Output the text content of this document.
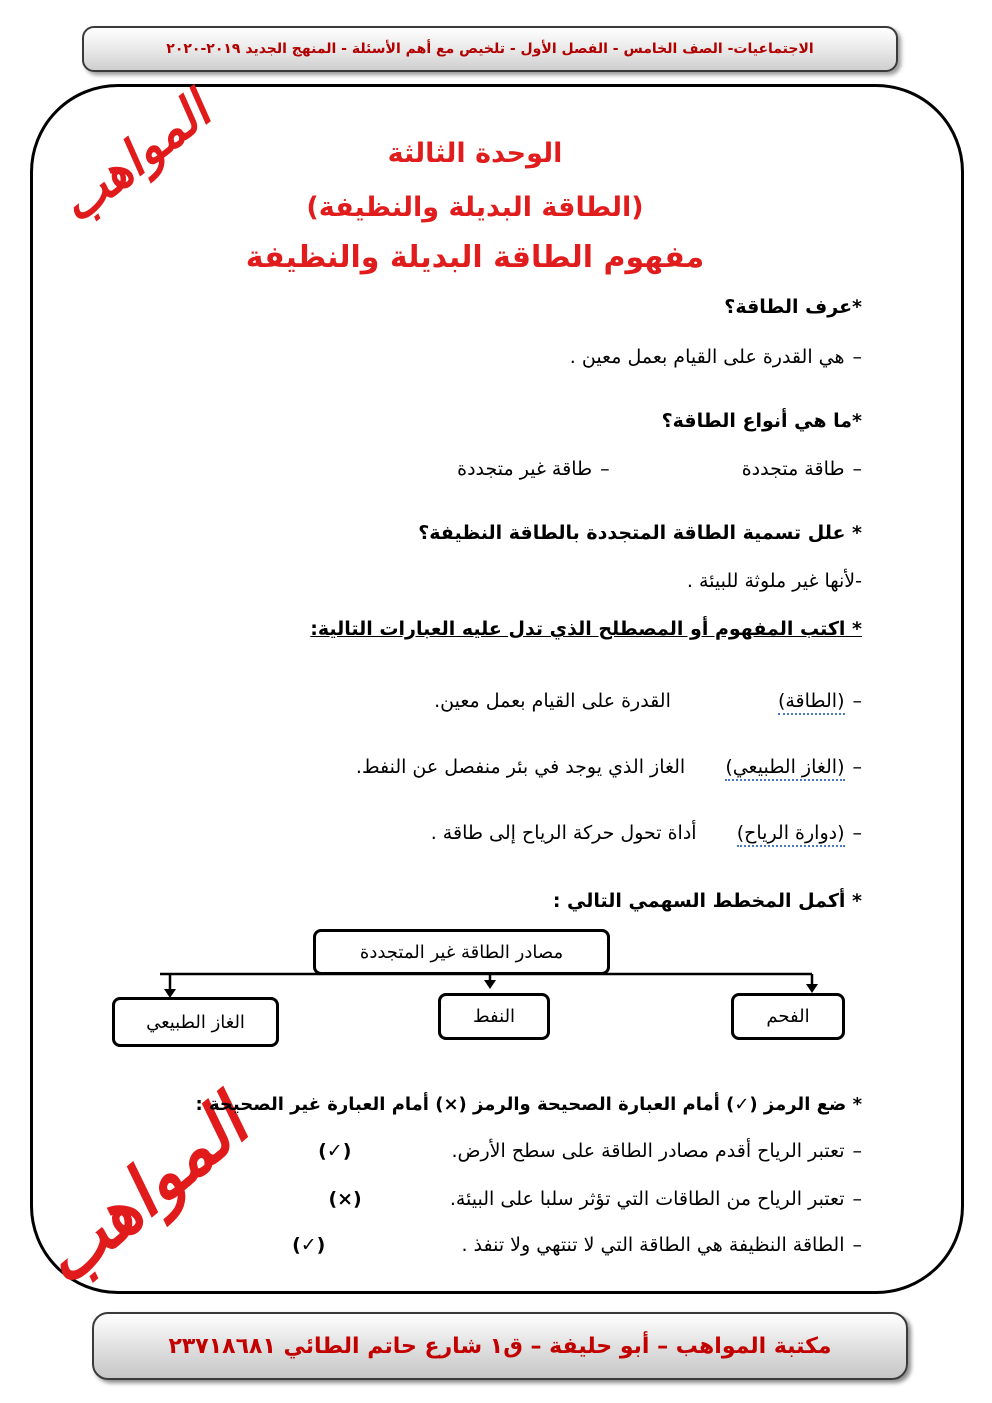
الاجتماعيات- الصف الخامس - الفصل الأول - تلخيص مع أهم الأسئلة - المنهج الجديد ٢٠١٩-٢٠٢٠
المواهب
المواهب
الوحدة الثالثة
(الطاقة البديلة والنظيفة)
مفهوم الطاقة البديلة والنظيفة
*عرف الطاقة؟
–هي القدرة على القيام بعمل معين .
*ما هي أنواع الطاقة؟
–طاقة متجددة  –طاقة غير متجددة
* علل تسمية الطاقة المتجددة بالطاقة النظيفة؟
-لأنها غير ملوثة للبيئة .
* اكتب المفهوم أو المصطلح الذي تدل عليه العبارات التالية:
–(الطاقة)  القدرة على القيام بعمل معين.
–(الغاز الطبيعي)  الغاز الذي يوجد في بئر منفصل عن النفط.
–(دوارة الرياح)  أداة تحول حركة الرياح إلى طاقة .
* أكمل المخطط السهمي التالي :
مصادر الطاقة غير المتجددة
الفحم
النفط
الغاز الطبيعي
* ضع الرمز (✓) أمام العبارة الصحيحة والرمز (×) أمام العبارة غير الصحيحة :
–تعتبر الرياح أقدم مصادر الطاقة على سطح الأرض.  (✓)
–تعتبر الرياح من الطاقات التي تؤثر سلبا على البيئة.  (×)
–الطاقة النظيفة هي الطاقة التي لا تنتهي ولا تنفذ .  (✓)
مكتبة المواهب – أبو حليفة – ق١ شارع حاتم الطائي ٢٣٧١٨٦٨١
